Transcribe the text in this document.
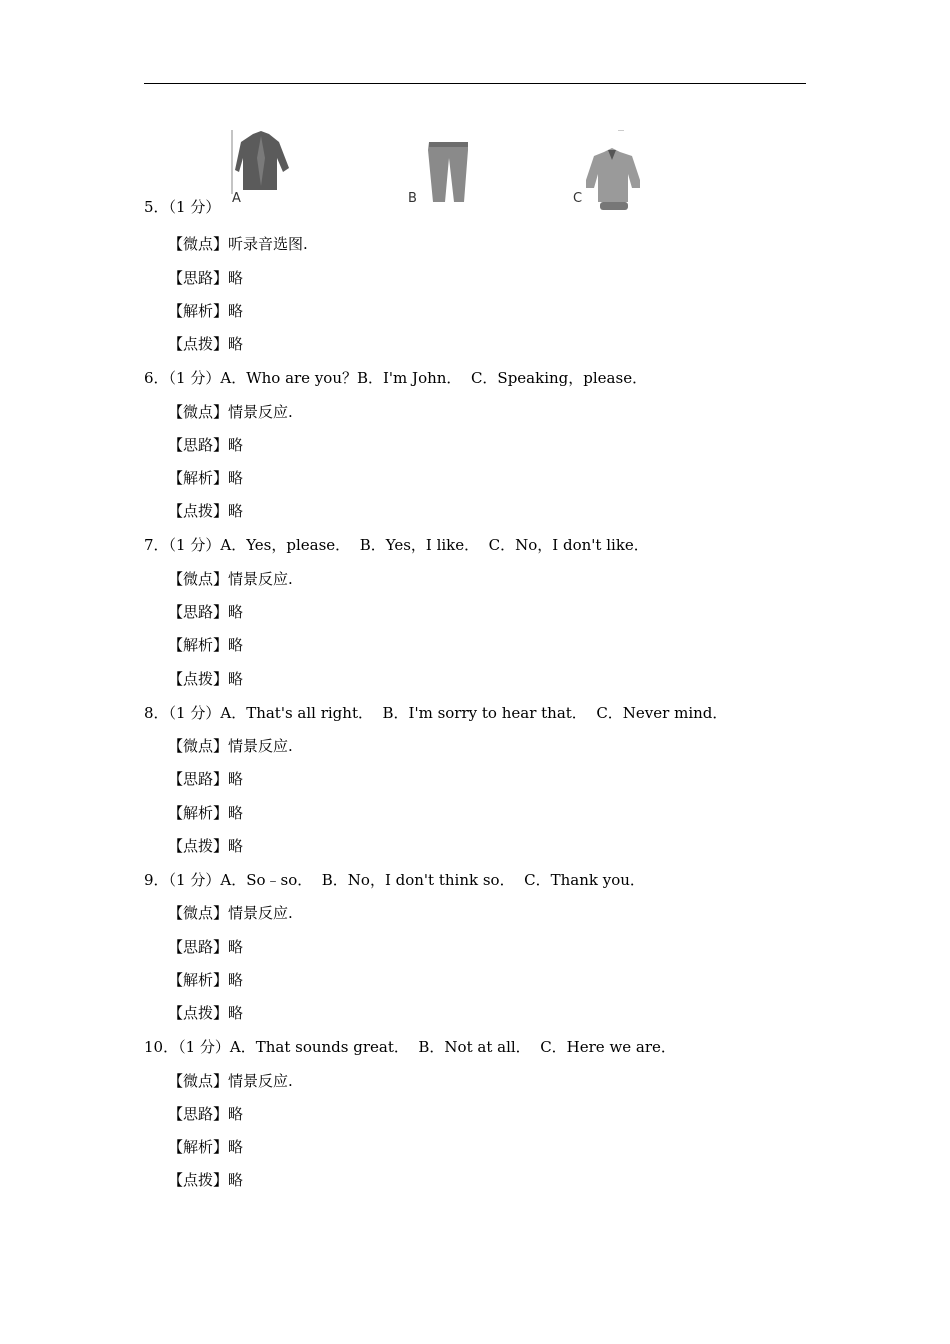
A	B	C
5．（1 分）
【微点】听录音选图.
【思路】略
【解析】略
【点拨】略
6．（1 分）A．Who are you？B．I'm John．  C．Speaking，please．
【微点】情景反应.
【思路】略
【解析】略
【点拨】略
7．（1 分）A．Yes，please．  B．Yes，I like．  C．No，I don't like．
【微点】情景反应.
【思路】略
【解析】略
【点拨】略
8．（1 分）A．That's all right．  B．I'm sorry to hear that．  C．Never mind．
【微点】情景反应.
【思路】略
【解析】略
【点拨】略
9．（1 分）A．So﹣so．  B．No，I don't think so．  C．Thank you．
【微点】情景反应.
【思路】略
【解析】略
【点拨】略
10．（1 分）A．That sounds great．  B．Not at all．  C．Here we are．
【微点】情景反应.
【思路】略
【解析】略
【点拨】略
